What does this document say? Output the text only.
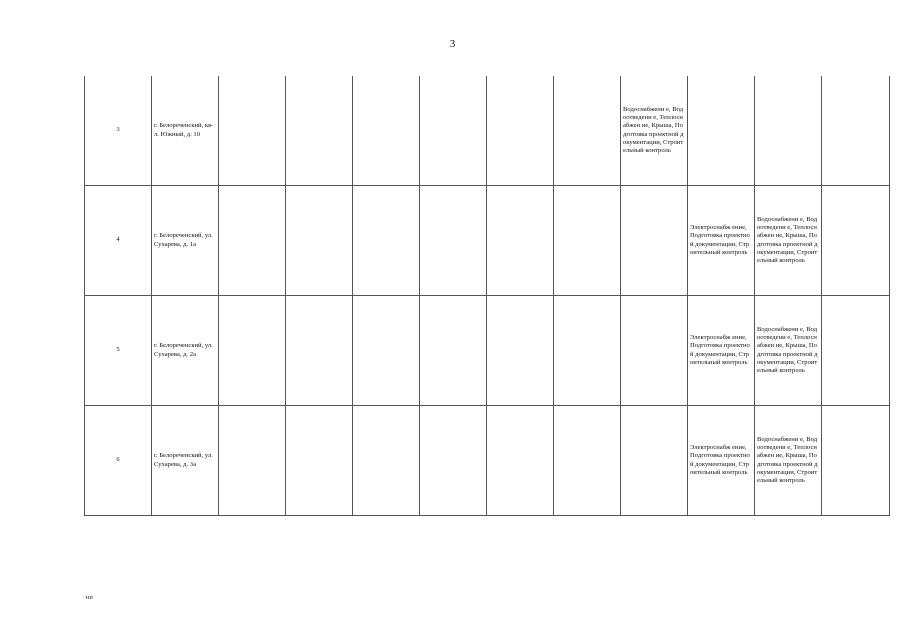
3
3	г. Белореченский, кв-л. Южный, д. 10							Водоснабжени е, Водоотведени е, Теплоснабжен ие, Крыша, Подготовка проектной документации, Строительный контроль			

4	г. Белореченский, ул. Сухарева, д. 1а								Электроснабж ение, Подготовка проектной документации, Строительный контроль	Водоснабжени е, Водоотведени е, Теплоснабжен ие, Крыша, Подготовка проектной документации, Строительный контроль	

5	г. Белореченский, ул. Сухарева, д. 2а								Электроснабж ение, Подготовка проектной документации, Строительный контроль	Водоснабжени е, Водоотведени е, Теплоснабжен ие, Крыша, Подготовка проектной документации, Строительный контроль	

6	г. Белореченский, ул. Сухарева, д. 3а								Электроснабж ение, Подготовка проектной документации, Строительный контроль	Водоснабжени е, Водоотведени е, Теплоснабжен ие, Крыша, Подготовка проектной документации, Строительный контроль	

нп
